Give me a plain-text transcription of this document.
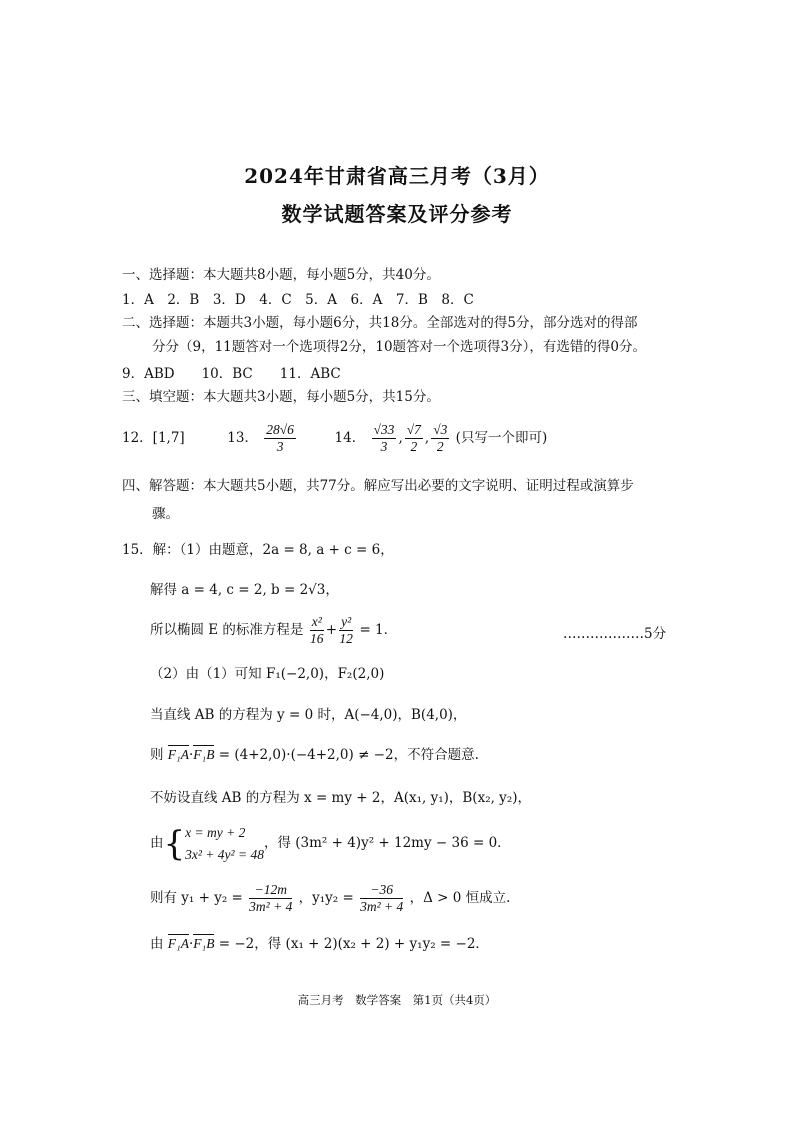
2024年甘肃省高三月考（3月）
数学试题答案及评分参考
一、选择题：本大题共8小题，每小题5分，共40分。
1．A　2．B　3．D　4．C　5．A　6．A　7．B　8．C
二、选择题：本题共3小题，每小题6分，共18分。全部选对的得5分，部分选对的得部
分分（9，11题答对一个选项得2分，10题答对一个选项得3分），有选错的得0分。
9．ABD　　10．BC　　11．ABC
三、填空题：本大题共3小题，每小题5分，共15分。
12．[1,7]	13． $\frac{28√6}{3}$	14． $\frac{√33}{3}$ , $\frac{√7}{2}$ , $\frac{√3}{2}$ (只写一个即可)
四、解答题：本大题共5小题，共77分。解应写出必要的文字说明、证明过程或演算步
骤。
15．解：（1）由题意，2a = 8, a + c = 6，
解得 a = 4, c = 2, b = 2√3，
所以椭圆 E 的标准方程是 $\frac{\text{x²}}{16} + \frac{\text{y²}}{12} = 1$．	………………5分
（2）由（1）可知 F₁(−2,0)，F₂(2,0)
当直线 AB 的方程为 y = 0 时，A(−4,0)，B(4,0)，
则 F₁A·F₁B = (4+2,0)·(−4+2,0) ≠ −2，不符合题意.
不妨设直线 AB 的方程为 x = my + 2，A(x₁, y₁)，B(x₂, y₂)，
由{ x = my + 2
3x² + 4y² = 48
，得 (3m² + 4)y² + 12my − 36 = 0．
则有 $y_1 + y_2 = \frac{-12m}{\text{3m² + 4}}$ ，$y_1y_2 = \frac{-36}{\text{3m² + 4}}$ ，Δ > 0 恒成立.
由 F₁A·F₁B = −2，得 (x₁ + 2)(x₂ + 2) + y₁y₂ = −2．
高三月考　数学答案　第1页（共4页）
